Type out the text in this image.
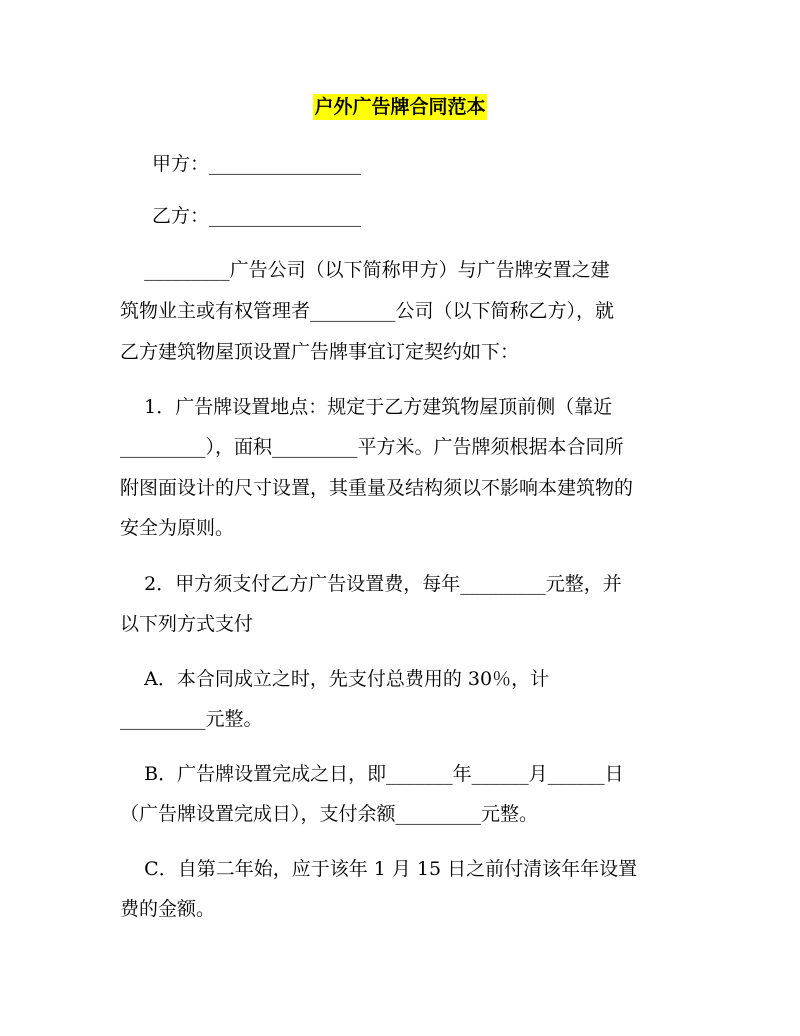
户外广告牌合同范本
甲方：________________
乙方：________________
_________广告公司（以下简称甲方）与广告牌安置之建
筑物业主或有权管理者_________公司（以下简称乙方），就
乙方建筑物屋顶设置广告牌事宜订定契约如下：
1．广告牌设置地点：规定于乙方建筑物屋顶前侧（靠近
_________），面积_________平方米。广告牌须根据本合同所
附图面设计的尺寸设置，其重量及结构须以不影响本建筑物的
安全为原则。
2．甲方须支付乙方广告设置费，每年_________元整，并
以下列方式支付
A．本合同成立之时，先支付总费用的 30％，计
_________元整。
B．广告牌设置完成之日，即_______年______月______日
（广告牌设置完成日），支付余额_________元整。
C．自第二年始，应于该年 1 月 15 日之前付清该年年设置
费的金额。
